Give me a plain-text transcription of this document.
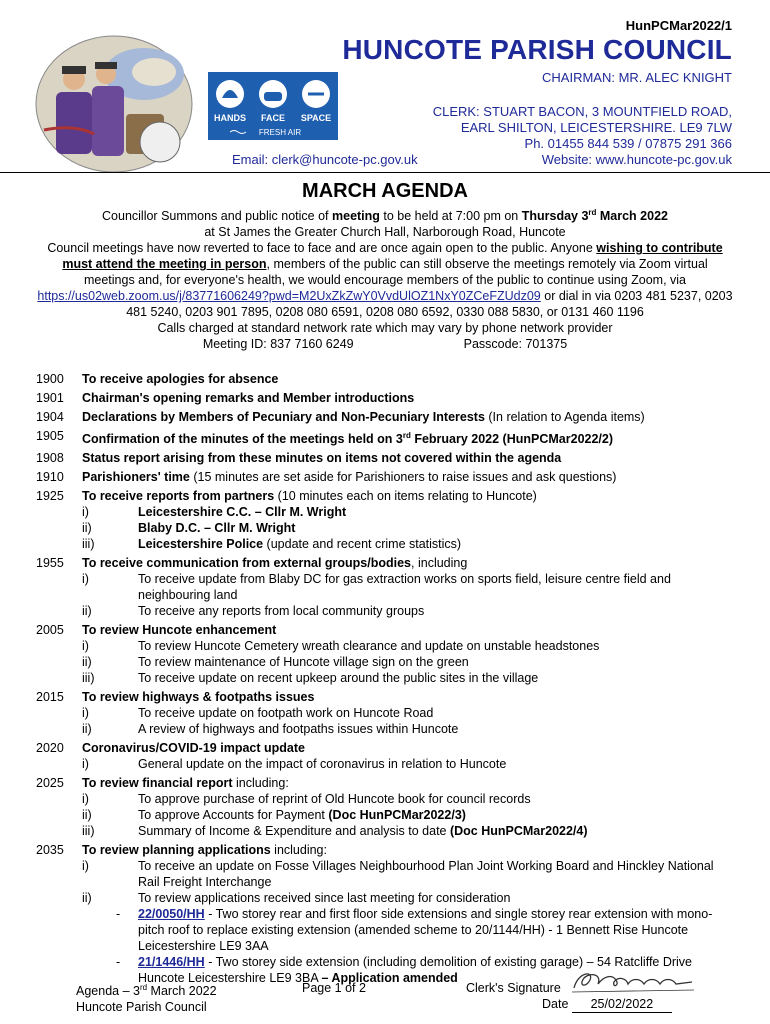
HunPCMar2022/1
HUNCOTE PARISH COUNCIL
CHAIRMAN: MR. ALEC KNIGHT
CLERK: STUART BACON, 3 MOUNTFIELD ROAD,
EARL SHILTON, LEICESTERSHIRE. LE9 7LW
Ph. 01455 844 539 / 07875 291 366
HANDS FACE SPACE
FRESH AIR
Email: clerk@huncote-pc.gov.uk	Website: www.huncote-pc.gov.uk
MARCH AGENDA

Councillor Summons and public notice of meeting to be held at 7:00 pm on Thursday 3rd March 2022

at St James the Greater Church Hall, Narborough Road, Huncote

Council meetings have now reverted to face to face and are once again open to the public. Anyone wishing to contribute must attend the meeting in person, members of the public can still observe the meetings remotely via Zoom virtual meetings and, for everyone's health, we would encourage members of the public to continue using Zoom, via

https://us02web.zoom.us/j/83771606249?pwd=M2UxZkZwY0VvdUlOZ1NxY0ZCeFZUdz09 or dial in via 0203 481 5237, 0203 481 5240, 0203 901 7895, 0208 080 6591, 0208 080 6592, 0330 088 5830, or 0131 460 1196

Calls charged at standard network rate which may vary by phone network provider

Meeting ID: 837 7160 6249	Passcode: 701375

1900 To receive apologies for absence
1901 Chairman's opening remarks and Member introductions
1904 Declarations by Members of Pecuniary and Non-Pecuniary Interests (In relation to Agenda items)
1905 Confirmation of the minutes of the meetings held on 3rd February 2022 (HunPCMar2022/2)
1908 Status report arising from these minutes on items not covered within the agenda
1910 Parishioners' time (15 minutes are set aside for Parishioners to raise issues and ask questions)
1925 To receive reports from partners (10 minutes each on items relating to Huncote)
i)	Leicestershire C.C. – Cllr M. Wright
ii)	Blaby D.C. – Cllr M. Wright
iii)	Leicestershire Police (update and recent crime statistics)
1955 To receive communication from external groups/bodies, including
i)	To receive update from Blaby DC for gas extraction works on sports field, leisure centre field and neighbouring land
ii)	To receive any reports from local community groups
2005 To review Huncote enhancement
i)	To review Huncote Cemetery wreath clearance and update on unstable headstones
ii)	To review maintenance of Huncote village sign on the green
iii)	To receive update on recent upkeep around the public sites in the village
2015 To review highways & footpaths issues
i)	To receive update on footpath work on Huncote Road
ii)	A review of highways and footpaths issues within Huncote
2020 Coronavirus/COVID-19 impact update
i)	General update on the impact of coronavirus in relation to Huncote
2025 To review financial report including:
i)	To approve purchase of reprint of Old Huncote book for council records
ii)	To approve Accounts for Payment (Doc HunPCMar2022/3)
iii)	Summary of Income & Expenditure and analysis to date (Doc HunPCMar2022/4)
2035 To review planning applications including:
i)	To receive an update on Fosse Villages Neighbourhood Plan Joint Working Board and Hinckley National Rail Freight Interchange
ii)	To review applications received since last meeting for consideration
- 22/0050/HH - Two storey rear and first floor side extensions and single storey rear extension with mono-pitch roof to replace existing extension (amended scheme to 20/1144/HH) - 1 Bennett Rise Huncote Leicestershire LE9 3AA
- 21/1446/HH - Two storey side extension (including demolition of existing garage) – 54 Ratcliffe Drive Huncote Leicestershire LE9 3BA – Application amended
Agenda – 3rd March 2022
Huncote Parish Council
Page 1 of 2	Clerk's Signature
Date 25/02/2022
